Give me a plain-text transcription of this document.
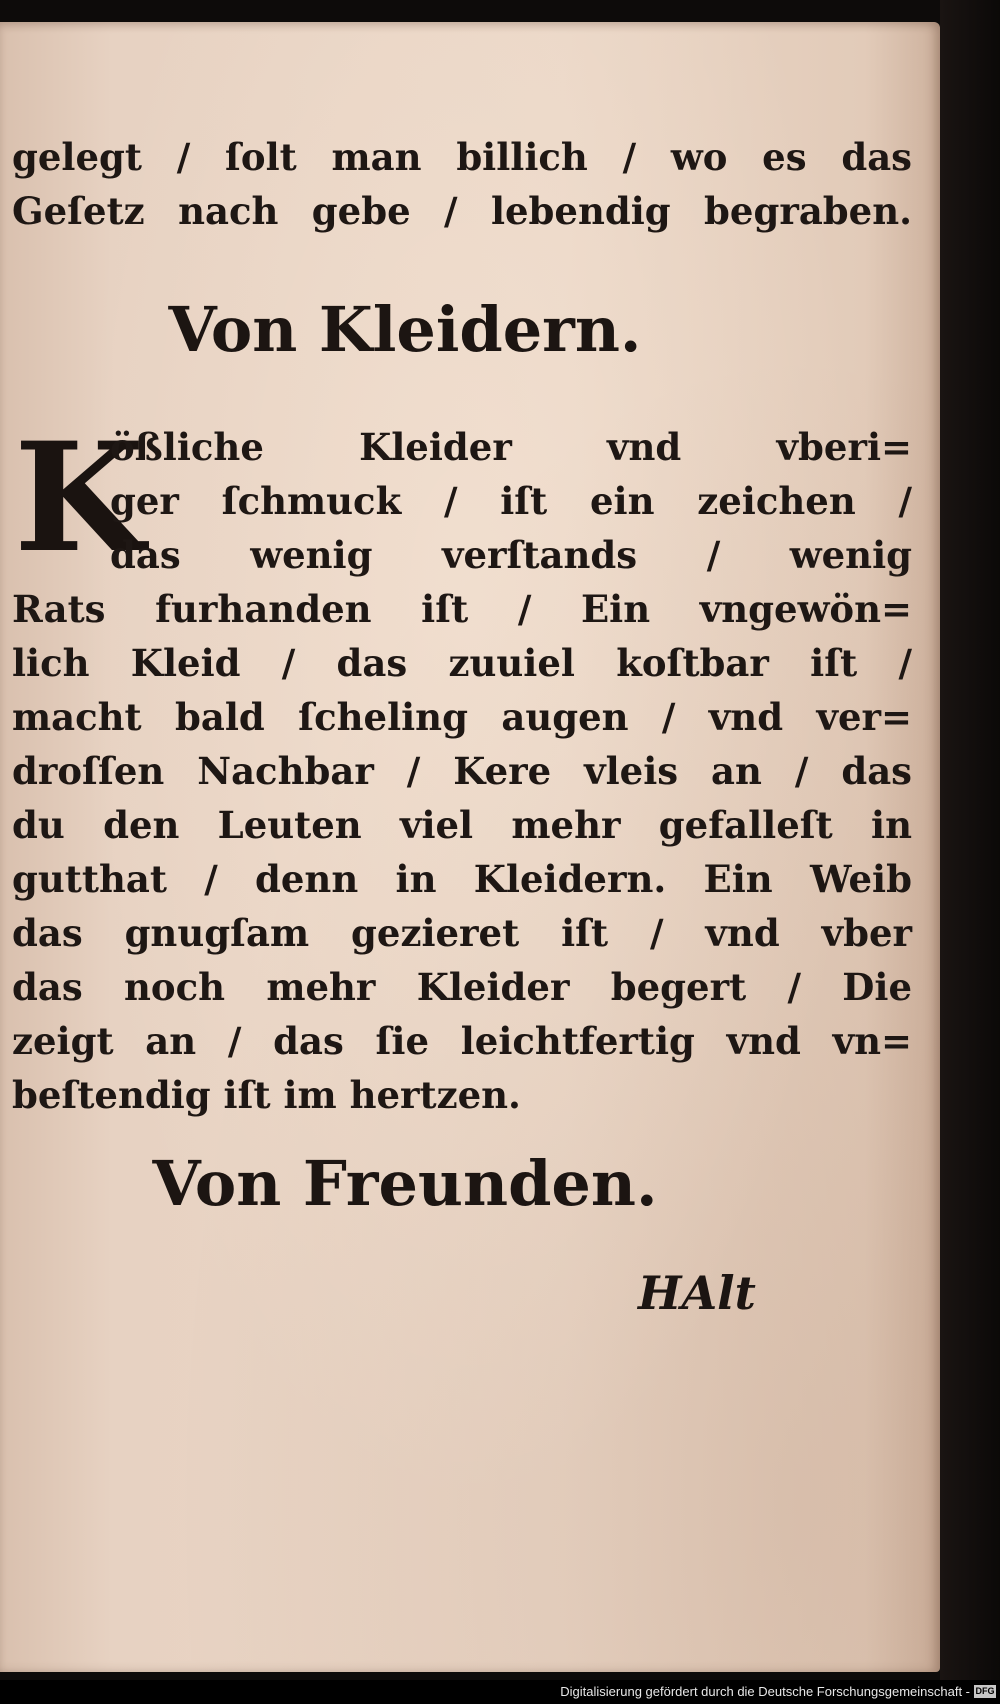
gelegt / ſolt man billich / wo es das
Geſetz nach gebe / lebendig begraben.
Von Kleidern.
K
ößliche Kleider vnd vberi=
ger ſchmuck / iſt ein zeichen /
das wenig verſtands / wenig
Rats furhanden iſt / Ein vngewön=
lich Kleid / das zuuiel koſtbar iſt /
macht bald ſcheling augen / vnd ver=
droſſen Nachbar / Kere vleis an / das
du den Leuten viel mehr gefalleſt in
gutthat / denn in Kleidern. Ein Weib
das gnugſam gezieret iſt / vnd vber
das noch mehr Kleider begert / Die
zeigt an / das ſie leichtfertig vnd vn=
beſtendig iſt im hertzen.
Von Freunden.
HAlt
Digitalisierung gefördert durch die Deutsche Forschungsgemeinschaft - DFG
